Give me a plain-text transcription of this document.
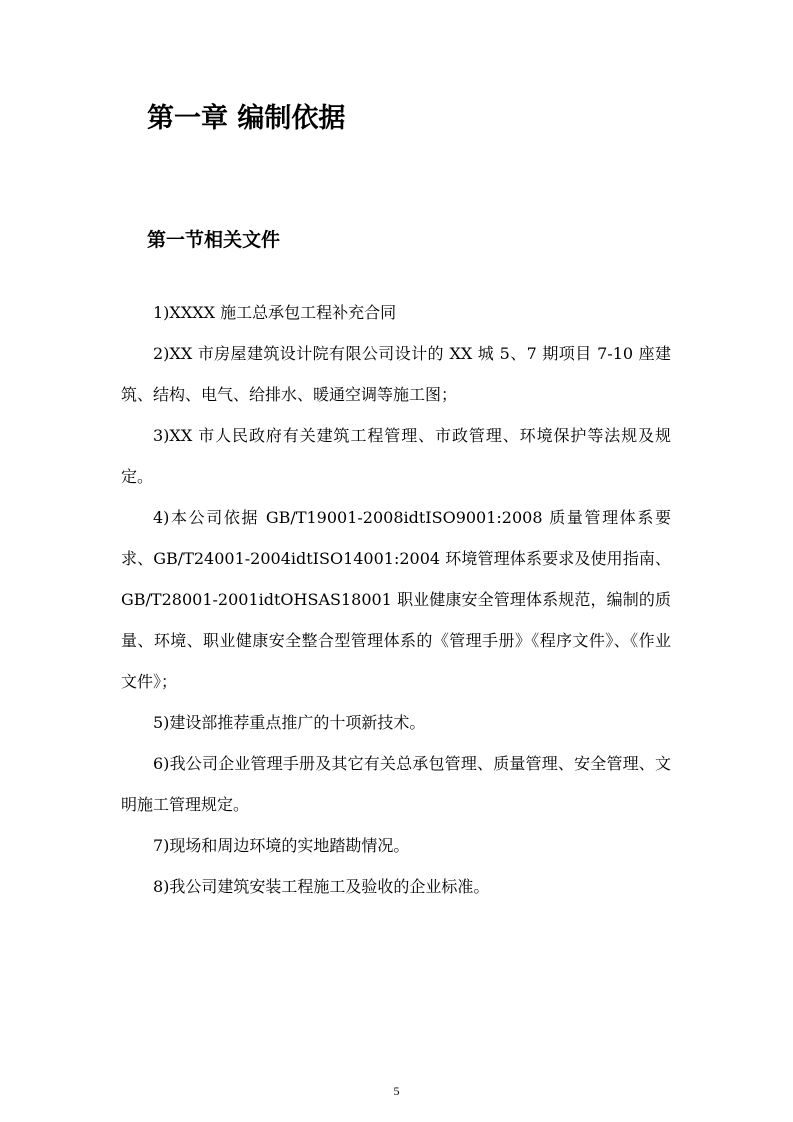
第一章 编制依据
第一节相关文件

1)XXXX 施工总承包工程补充合同

2)XX 市房屋建筑设计院有限公司设计的 XX 城 5、7 期项目 7-10 座建筑、结构、电气、给排水、暖通空调等施工图；

3)XX 市人民政府有关建筑工程管理、市政管理、环境保护等法规及规定。

4)本公司依据 GB/T19001-2008idtISO9001:2008 质量管理体系要求、GB/T24001-2004idtISO14001:2004 环境管理体系要求及使用指南、GB/T28001-2001idtOHSAS18001 职业健康安全管理体系规范，编制的质量、环境、职业健康安全整合型管理体系的《管理手册》《程序文件》、《作业文件》；

5)建设部推荐重点推广的十项新技术。

6)我公司企业管理手册及其它有关总承包管理、质量管理、安全管理、文明施工管理规定。

7)现场和周边环境的实地踏勘情况。

8)我公司建筑安装工程施工及验收的企业标准。

5
